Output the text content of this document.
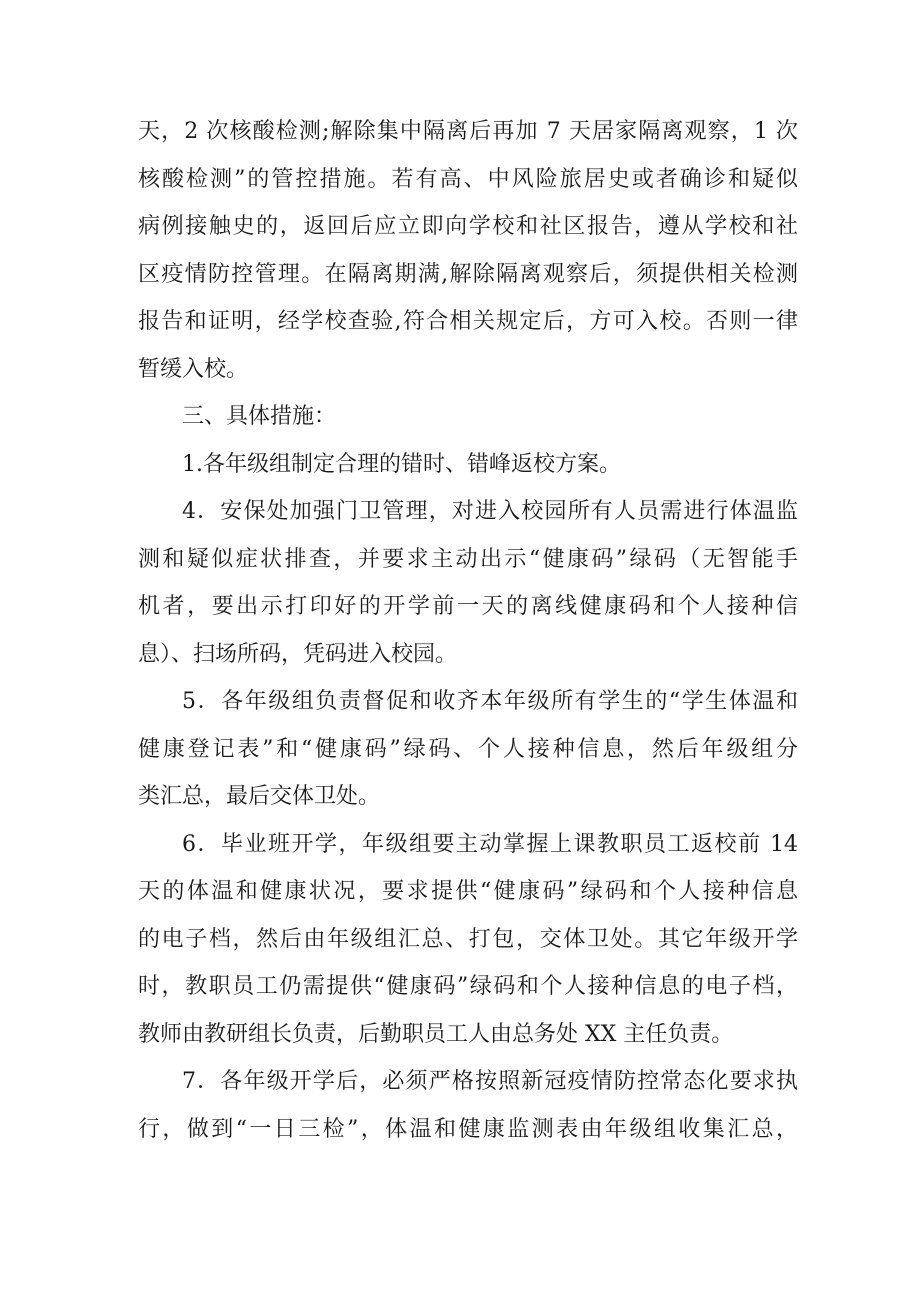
天，2 次核酸检测;解除集中隔离后再加 7 天居家隔离观察，1 次
核酸检测”的管控措施。若有高、中风险旅居史或者确诊和疑似
病例接触史的，返回后应立即向学校和社区报告，遵从学校和社
区疫情防控管理。在隔离期满,解除隔离观察后，须提供相关检测
报告和证明，经学校查验,符合相关规定后，方可入校。否则一律
暂缓入校。
三、具体措施：
1.各年级组制定合理的错时、错峰返校方案。
4．安保处加强门卫管理，对进入校园所有人员需进行体温监
测和疑似症状排查，并要求主动出示“健康码”绿码（无智能手
机者，要出示打印好的开学前一天的离线健康码和个人接种信
息）、扫场所码，凭码进入校园。
5．各年级组负责督促和收齐本年级所有学生的“学生体温和
健康登记表”和“健康码”绿码、个人接种信息，然后年级组分
类汇总，最后交体卫处。
6．毕业班开学，年级组要主动掌握上课教职员工返校前 14
天的体温和健康状况，要求提供“健康码”绿码和个人接种信息
的电子档，然后由年级组汇总、打包，交体卫处。其它年级开学
时，教职员工仍需提供“健康码”绿码和个人接种信息的电子档，
教师由教研组长负责，后勤职员工人由总务处 XX 主任负责。
7．各年级开学后，必须严格按照新冠疫情防控常态化要求执
行，做到“一日三检”，体温和健康监测表由年级组收集汇总，
